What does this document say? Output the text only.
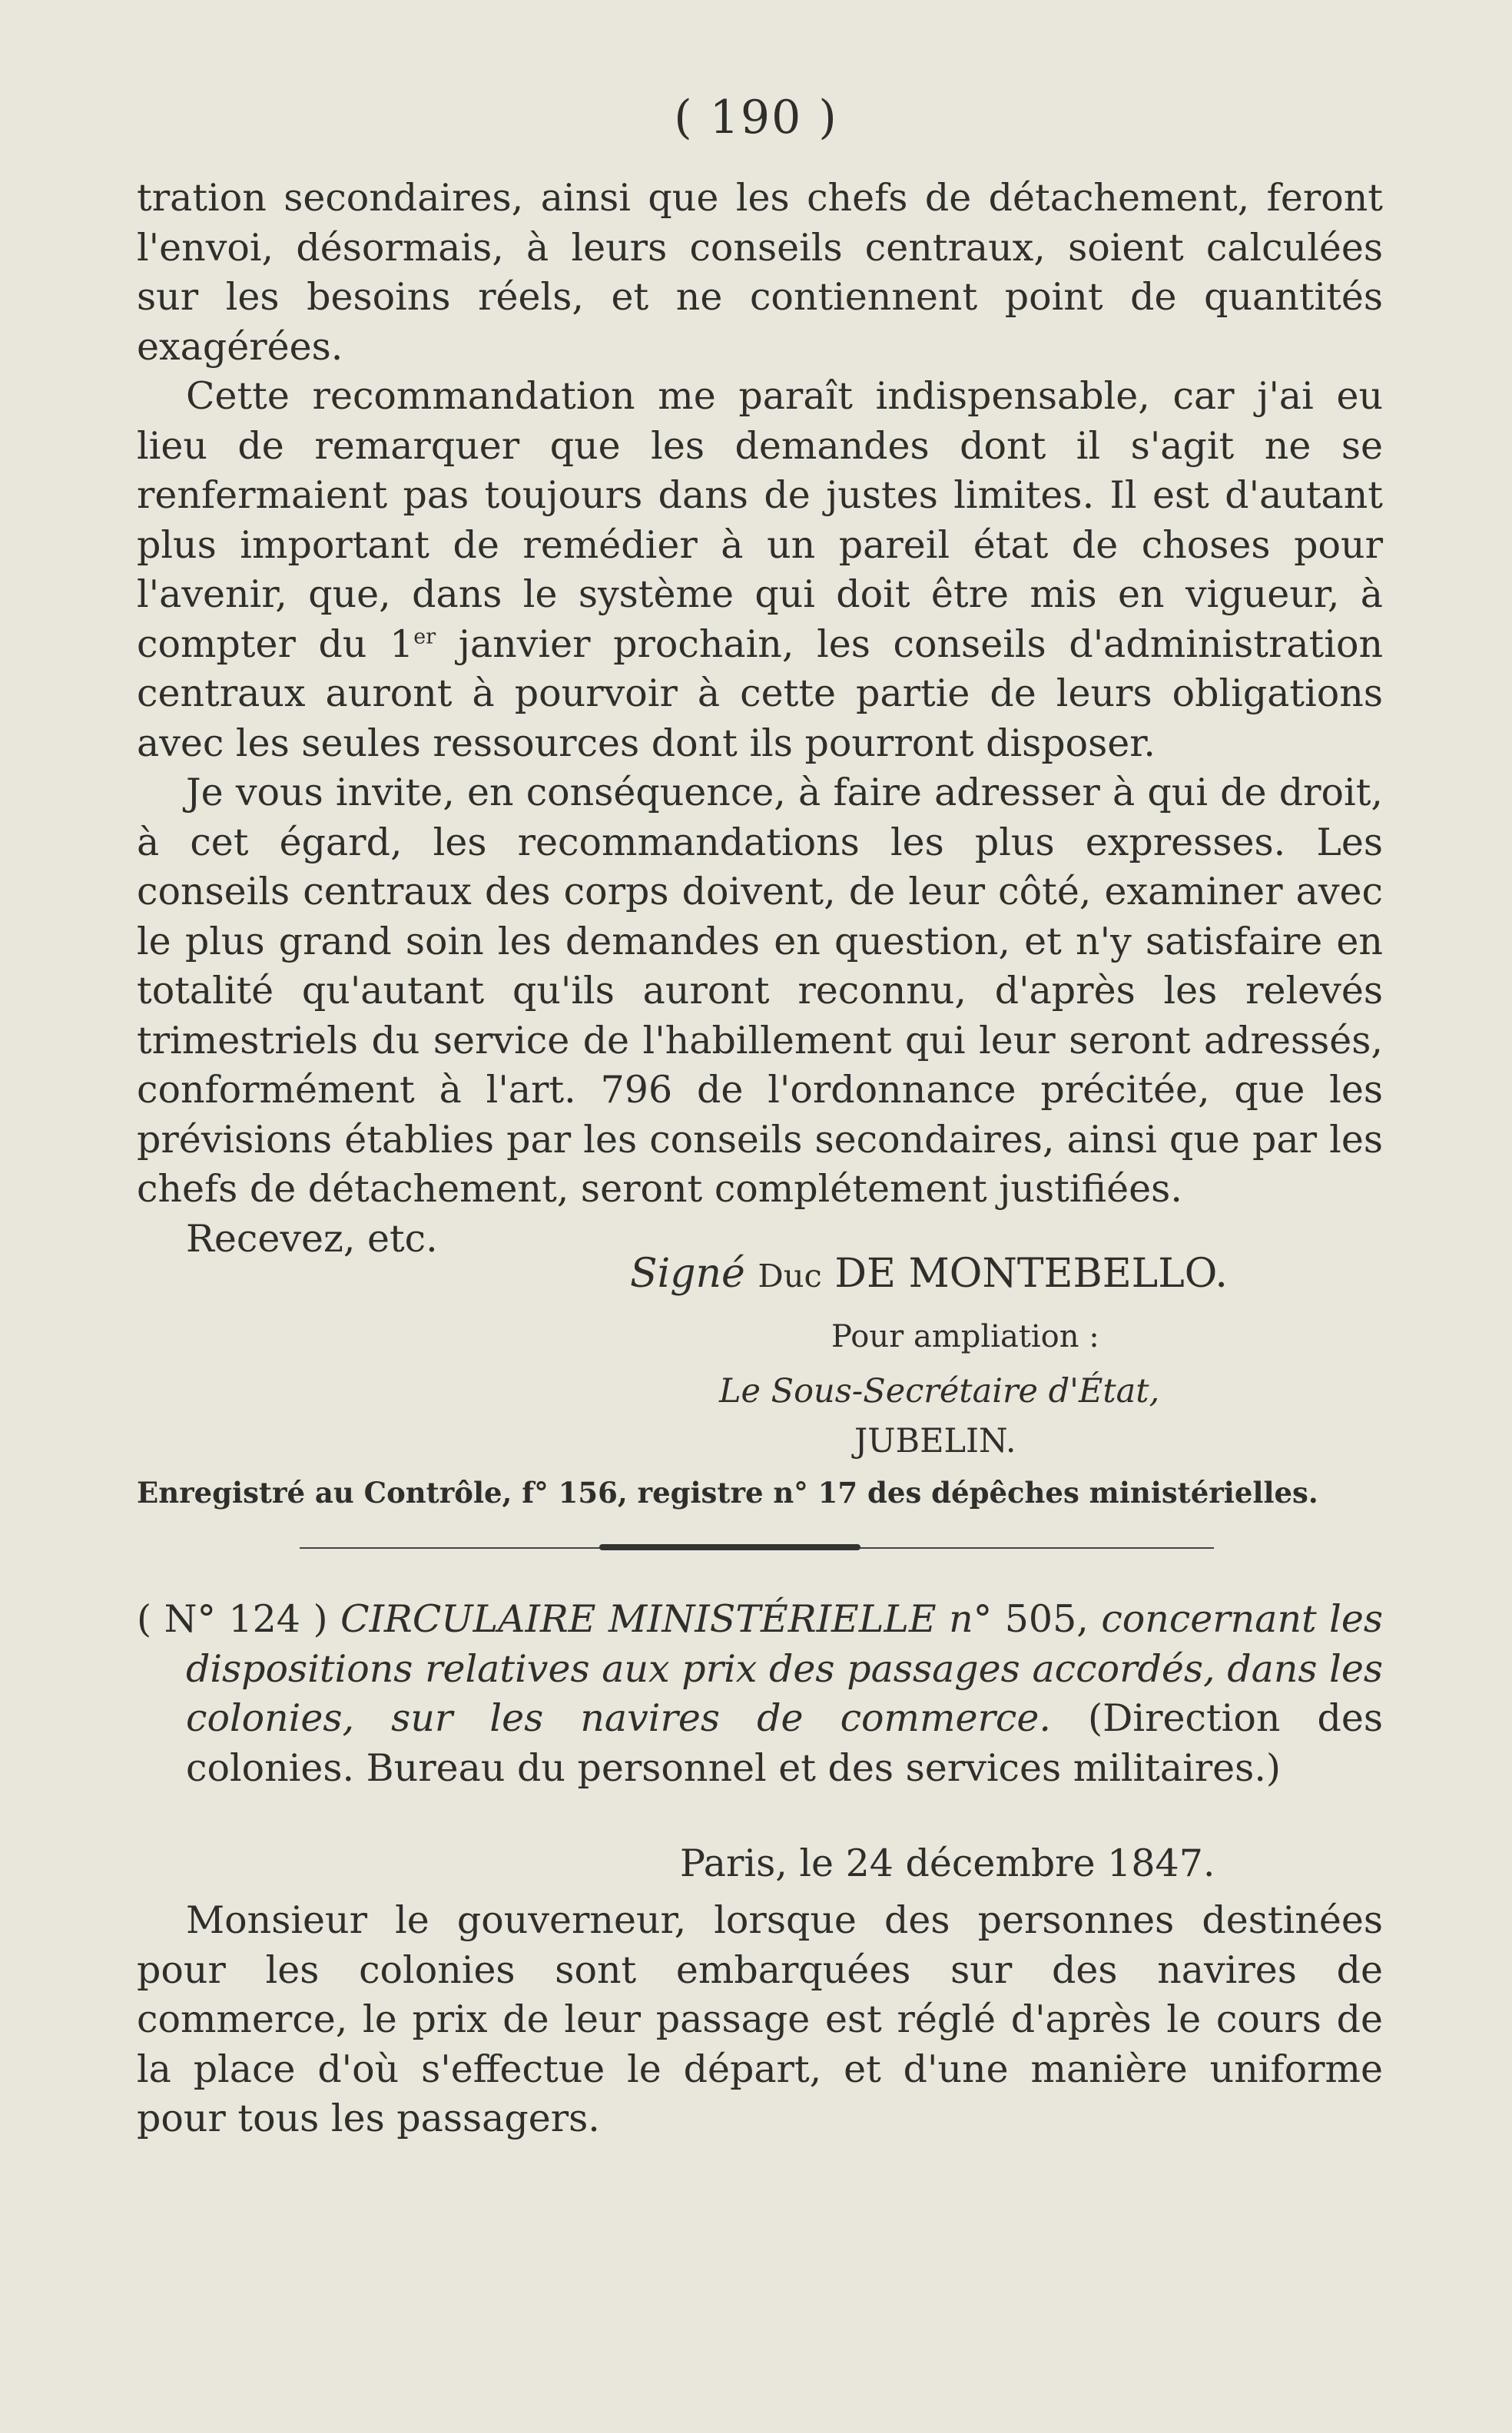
( 190 )

tration secondaires, ainsi que les chefs de détachement, feront l'envoi, désormais, à leurs conseils centraux, soient calculées sur les besoins réels, et ne contiennent point de quantités exagérées.

Cette recommandation me paraît indispensable, car j'ai eu lieu de remarquer que les demandes dont il s'agit ne se renfermaient pas toujours dans de justes limites. Il est d'autant plus important de remédier à un pareil état de choses pour l'avenir, que, dans le système qui doit être mis en vigueur, à compter du 1er janvier prochain, les conseils d'administration centraux auront à pourvoir à cette partie de leurs obligations avec les seules ressources dont ils pourront disposer.

Je vous invite, en conséquence, à faire adresser à qui de droit, à cet égard, les recommandations les plus expresses. Les conseils centraux des corps doivent, de leur côté, examiner avec le plus grand soin les demandes en question, et n'y satisfaire en totalité qu'autant qu'ils auront reconnu, d'après les relevés trimestriels du service de l'habillement qui leur seront adressés, conformément à l'art. 796 de l'ordonnance précitée, que les prévisions établies par les conseils secondaires, ainsi que par les chefs de détachement, seront complétement justifiées.

Recevez, etc.

Signé Duc DE MONTEBELLO.
Pour ampliation :
Le Sous-Secrétaire d'État,
JUBELIN.
Enregistré au Contrôle, f° 156, registre n° 17 des dépêches ministérielles.

( N° 124 ) CIRCULAIRE MINISTÉRIELLE n° 505, concernant les dispositions relatives aux prix des passages accordés, dans les colonies, sur les navires de commerce. (Direction des colonies. Bureau du personnel et des services militaires.)

Paris, le 24 décembre 1847.

Monsieur le gouverneur, lorsque des personnes destinées pour les colonies sont embarquées sur des navires de commerce, le prix de leur passage est réglé d'après le cours de la place d'où s'effectue le départ, et d'une manière uniforme pour tous les passagers.
